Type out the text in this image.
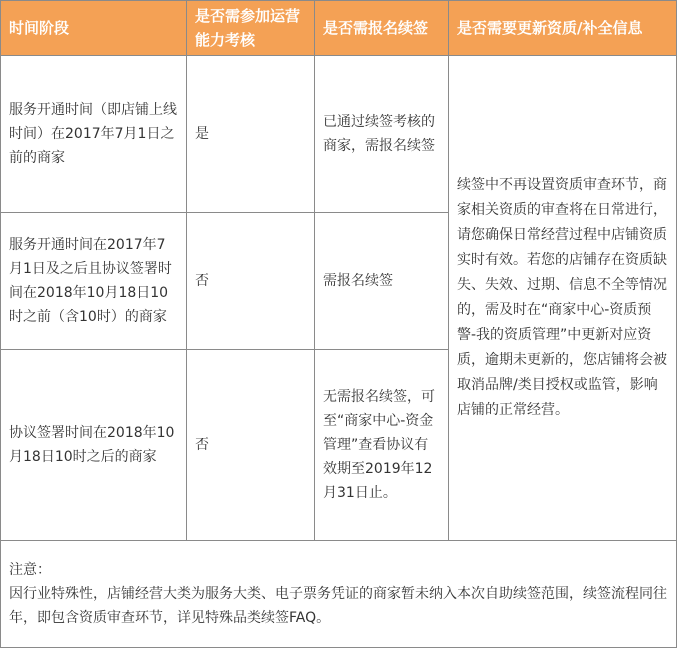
时间阶段	是否需参加运营能力考核	是否需报名续签	是否需要更新资质/补全信息
服务开通时间（即店铺上线时间）在2017年7月1日之前的商家	是	已通过续签考核的商家，需报名续签	续签中不再设置资质审查环节，商家相关资质的审查将在日常进行，请您确保日常经营过程中店铺资质实时有效。若您的店铺存在资质缺失、失效、过期、信息不全等情况的，需及时在“商家中心-资质预警-我的资质管理”中更新对应资质，逾期未更新的，您店铺将会被取消品牌/类目授权或监管，影响店铺的正常经营。
服务开通时间在2017年7月1日及之后且协议签署时间在2018年10月18日10时之前（含10时）的商家	否	需报名续签	
协议签署时间在2018年10月18日10时之后的商家	否	无需报名续签，可至“商家中心-资金管理”查看协议有效期至2019年12月31日止。	

注意：
因行业特殊性，店铺经营大类为服务大类、电子票务凭证的商家暂未纳入本次自助续签范围，续签流程同往年，即包含资质审查环节，详见特殊品类续签FAQ。			
